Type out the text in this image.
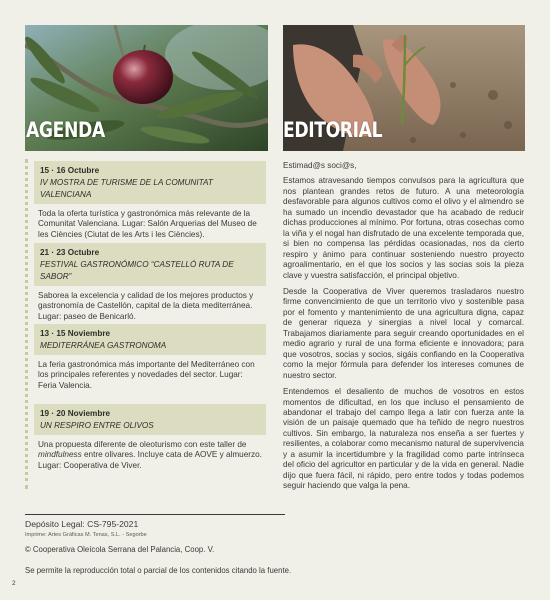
AGENDA	EDITORIAL
15 · 16 Octubre
IV MOSTRA DE TURISME DE LA COMUNITAT VALENCIANA
Toda la oferta turística y gastronómica más relevante de la Comunitat Valenciana. Lugar: Salón Arquerias del Museo de les Ciències (Ciutat de les Arts i les Ciències).
21 · 23 Octubre
FESTIVAL GASTRONÓMICO “CASTELLÓ RUTA DE SABOR”
Saborea la excelencia y calidad de los mejores productos y gastronomía de Castellón, capital de la dieta mediterránea. Lugar: paseo de Benicarló.
13 · 15 Noviembre
MEDITERRÁNEA GASTRONOMA
La feria gastronómica más importante del Mediterráneo con los principales referentes y novedades del sector. Lugar: Feria Valencia.
19 · 20 Noviembre
UN RESPIRO ENTRE OLIVOS
Una propuesta diferente de oleoturismo con este taller de mindfulness entre olivares. Incluye cata de AOVE y almuerzo. Lugar: Cooperativa de Viver.
Depósito Legal: CS-795-2021
Imprime: Artes Gráficas M. Tenas, S.L. - Segorbe
© Cooperativa Oleícola Serrana del Palancia, Coop. V.
Se permite la reproducción total o parcial de los contenidos citando la fuente.
2

Estimad@s soci@s,

Estamos atravesando tiempos convulsos para la agricultura que nos plantean grandes retos de futuro. A una meteorología desfavorable para algunos cultivos como el olivo y el almendro se ha sumado un incendio devastador que ha acabado de reducir dichas producciones al mínimo. Por fortuna, otras cosechas como la viña y el nogal han disfrutado de una excelente temporada que, si bien no compensa las pérdidas ocasionadas, nos da cierto respiro y ánimo para continuar sosteniendo nuestro proyecto agroalimentario, en el que los socios y las socias sois la pieza clave y vuestra satisfacción, el principal objetivo.

Desde la Cooperativa de Viver queremos trasladaros nuestro firme convencimiento de que un territorio vivo y sostenible pasa por el fomento y mantenimiento de una agricultura digna, capaz de generar riqueza y sinergias a nivel local y comarcal. Trabajamos diariamente para seguir creando oportunidades en el medio agrario y rural de una forma eficiente e innovadora; para que vosotros, socias y socios, sigáis confiando en la Cooperativa como la mejor fórmula para defender los intereses comunes de nuestro sector.

Entendemos el desaliento de muchos de vosotros en estos momentos de dificultad, en los que incluso el pensamiento de abandonar el trabajo del campo llega a latir con fuerza ante la visión de un paisaje quemado que ha teñido de negro nuestros cultivos. Sin embargo, la naturaleza nos enseña a ser fuertes y resilientes, a colaborar como mecanismo natural de supervivencia y a asumir la incertidumbre y la fragilidad como parte intrínseca del oficio del agricultor en particular y de la vida en general. Nadie dijo que fuera fácil, ni rápido, pero entre todos y todas podemos seguir haciendo que valga la pena.
